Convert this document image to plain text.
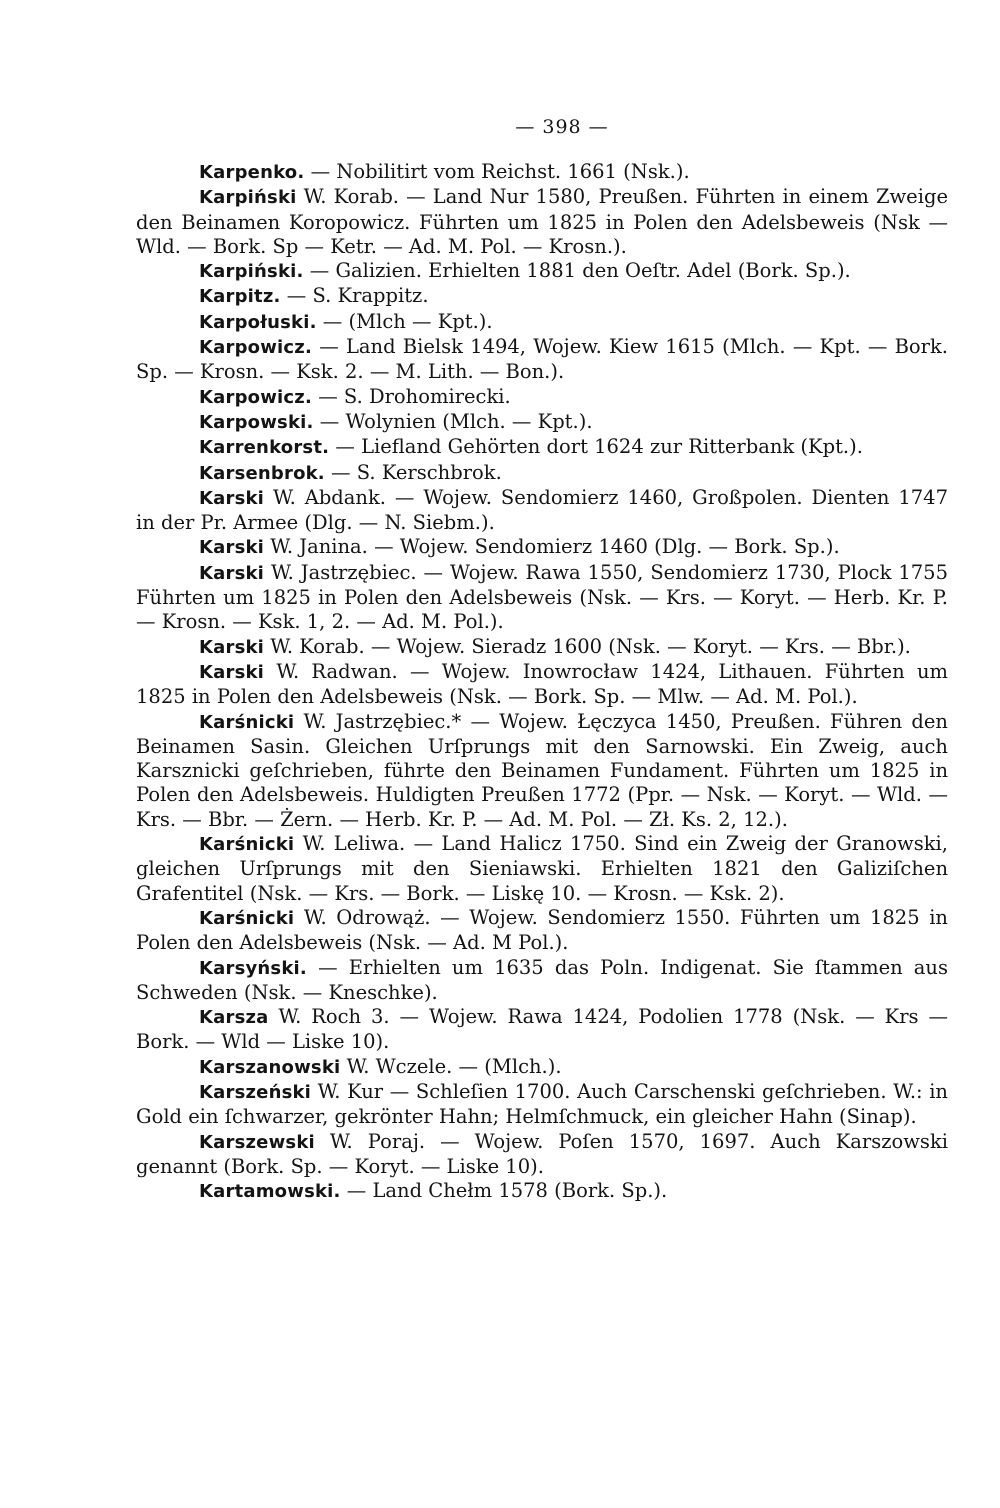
— 398 —

Karpenko. — Nobilitirt vom Reichst. 1661 (Nsk.).

Karpiński W. Korab. — Land Nur 1580, Preußen. Führten in einem Zweige den Beinamen Koropowicz. Führten um 1825 in Polen den Adelsbeweis (Nsk — Wld. — Bork. Sp — Ketr. — Ad. M. Pol. — Krosn.).

Karpiński. — Galizien. Erhielten 1881 den Oeſtr. Adel (Bork. Sp.).

Karpitz. — S. Krappitz.

Karpołuski. — (Mlch — Kpt.).

Karpowicz. — Land Bielsk 1494, Wojew. Kiew 1615 (Mlch. — Kpt. — Bork. Sp. — Krosn. — Ksk. 2. — M. Lith. — Bon.).

Karpowicz. — S. Drohomirecki.

Karpowski. — Wolynien (Mlch. — Kpt.).

Karrenkorst. — Liefland Gehörten dort 1624 zur Ritterbank (Kpt.).

Karsenbrok. — S. Kerschbrok.

Karski W. Abdank. — Wojew. Sendomierz 1460, Großpolen. Dienten 1747 in der Pr. Armee (Dlg. — N. Siebm.).

Karski W. Janina. — Wojew. Sendomierz 1460 (Dlg. — Bork. Sp.).

Karski W. Jastrzębiec. — Wojew. Rawa 1550, Sendomierz 1730, Plock 1755 Führten um 1825 in Polen den Adelsbeweis (Nsk. — Krs. — Koryt. — Herb. Kr. P. — Krosn. — Ksk. 1, 2. — Ad. M. Pol.).

Karski W. Korab. — Wojew. Sieradz 1600 (Nsk. — Koryt. — Krs. — Bbr.).

Karski W. Radwan. — Wojew. Inowrocław 1424, Lithauen. Führten um 1825 in Polen den Adelsbeweis (Nsk. — Bork. Sp. — Mlw. — Ad. M. Pol.).

Karśnicki W. Jastrzębiec.* — Wojew. Łęczyca 1450, Preußen. Führen den Beinamen Sasin. Gleichen Urſprungs mit den Sarnowski. Ein Zweig, auch Karsznicki geſchrieben, führte den Beinamen Fundament. Führten um 1825 in Polen den Adelsbeweis. Huldigten Preußen 1772 (Ppr. — Nsk. — Koryt. — Wld. — Krs. — Bbr. — Żern. — Herb. Kr. P. — Ad. M. Pol. — Zł. Ks. 2, 12.).

Karśnicki W. Leliwa. — Land Halicz 1750. Sind ein Zweig der Granowski, gleichen Urſprungs mit den Sieniawski. Erhielten 1821 den Galiziſchen Grafentitel (Nsk. — Krs. — Bork. — Liskę 10. — Krosn. — Ksk. 2).

Karśnicki W. Odrowąż. — Wojew. Sendomierz 1550. Führten um 1825 in Polen den Adelsbeweis (Nsk. — Ad. M Pol.).

Karsyński. — Erhielten um 1635 das Poln. Indigenat. Sie ſtammen aus Schweden (Nsk. — Kneschke).

Karsza W. Roch 3. — Wojew. Rawa 1424, Podolien 1778 (Nsk. — Krs — Bork. — Wld — Liske 10).

Karszanowski W. Wczele. — (Mlch.).

Karszeński W. Kur — Schleſien 1700. Auch Carschenski geſchrieben. W.: in Gold ein ſchwarzer, gekrönter Hahn; Helmſchmuck, ein gleicher Hahn (Sinap).

Karszewski W. Poraj. — Wojew. Poſen 1570, 1697. Auch Karszowski genannt (Bork. Sp. — Koryt. — Liske 10).

Kartamowski. — Land Chełm 1578 (Bork. Sp.).
